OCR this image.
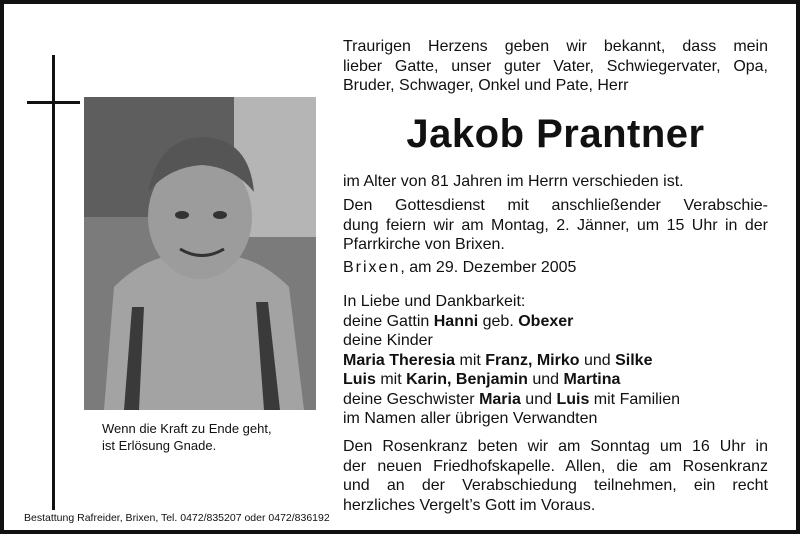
Wenn die Kraft zu Ende geht,
ist Erlösung Gnade.
Bestattung Rafreider, Brixen, Tel. 0472/835207 oder 0472/836192
Traurigen Herzens geben wir bekannt, dass mein
lieber Gatte, unser guter Vater, Schwiegervater, Opa,
Bruder, Schwager, Onkel und Pate, Herr
Jakob Prantner
im Alter von 81 Jahren im Herrn verschieden ist.
Den Gottesdienst mit anschließender Verabschie-
dung feiern wir am Montag, 2. Jänner, um 15 Uhr in der
Pfarrkirche von Brixen.
Brixen, am 29. Dezember 2005
In Liebe und Dankbarkeit:
deine Gattin Hanni geb. Obexer
deine Kinder
Maria Theresia mit Franz, Mirko und Silke
Luis mit Karin, Benjamin und Martina
deine Geschwister Maria und Luis mit Familien
im Namen aller übrigen Verwandten
Den Rosenkranz beten wir am Sonntag um 16 Uhr in
der neuen Friedhofskapelle. Allen, die am Rosenkranz
und an der Verabschiedung teilnehmen, ein recht
herzliches Vergelt’s Gott im Voraus.
